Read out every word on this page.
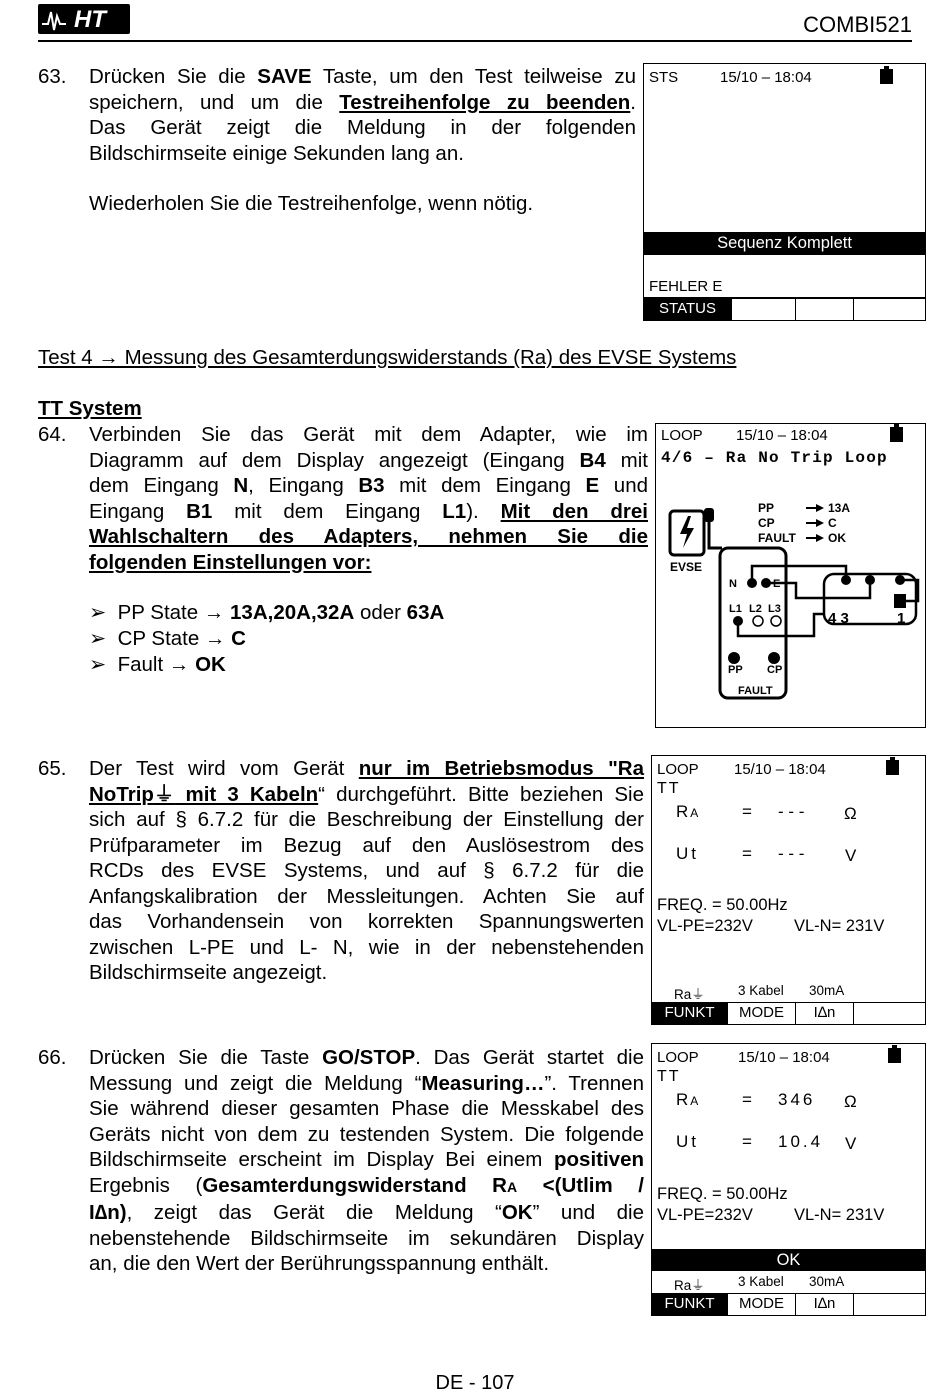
HT	COMBI521
63. Drücken Sie die SAVE Taste, um den Test teilweise zu
speichern, und um die Testreihenfolge zu beenden.
Das Gerät zeigt die Meldung in der folgenden
Bildschirmseite einige Sekunden lang an.
Wiederholen Sie die Testreihenfolge, wenn nötig.
STS	15/10 – 18:04
Sequenz Komplett
FEHLER E
STATUS
Test 4 → Messung des Gesamterdungswiderstands (Ra) des EVSE Systems
TT System
64. Verbinden Sie das Gerät mit dem Adapter, wie im
Diagramm auf dem Display angezeigt (Eingang B4 mit
dem Eingang N, Eingang B3 mit dem Eingang E und
Eingang B1 mit dem Eingang L1). Mit den drei
Wahlschaltern des Adapters, nehmen Sie die
folgenden Einstellungen vor:
➢ PP State → 13A,20A,32A oder 63A
➢ CP State → C
➢ Fault → OK
LOOP 15/10 – 18:04
4/6 – Ra No Trip Loop
EVSE
PP
CP
FAULT
13A
C
OK
N	E
L1 L2 L3
4 3	1
PP CP
FAULT
65. Der Test wird vom Gerät nur im Betriebsmodus "Ra
NoTrip⏚ mit 3 Kabeln“ durchgeführt. Bitte beziehen Sie
sich auf § 6.7.2 für die Beschreibung der Einstellung der
Prüfparameter im Bezug auf den Auslösestrom des
RCDs des EVSE Systems, und auf § 6.7.2 für die
Anfangskalibration der Messleitungen. Achten Sie auf
das Vorhandensein von korrekten Spannungswerten
zwischen L-PE und L- N, wie in der nebenstehenden
Bildschirmseite angezeigt.
LOOP 15/10 – 18:04
TT
R A	= - - - Ω
Ut	= - - - V
FREQ. = 50.00Hz
VL-PE=232V VL-N= 231V
Ra⏚ 3 Kabel 30mA
FUNKT	MODE	I∆n
66. Drücken Sie die Taste GO/STOP. Das Gerät startet die
Messung und zeigt die Meldung “Measuring…”. Trennen
Sie während dieser gesamten Phase die Messkabel des
Geräts nicht von dem zu testenden System. Die folgende
Bildschirmseite erscheint im Display Bei einem positiven
Ergebnis (Gesamterdungswiderstand RA <(Utlim /
I∆n), zeigt das Gerät die Meldung “OK” und die
nebenstehende Bildschirmseite im sekundären Display
an, die den Wert der Berührungsspannung enthält.
LOOP	15/10 – 18:04
TT
R A	= 346 Ω
Ut	= 10.4 V
FREQ. = 50.00Hz
VL-PE=232V VL-N= 231V
OK
Ra⏚ 3 Kabel 30mA
FUNKT	MODE	I∆n
DE - 107
